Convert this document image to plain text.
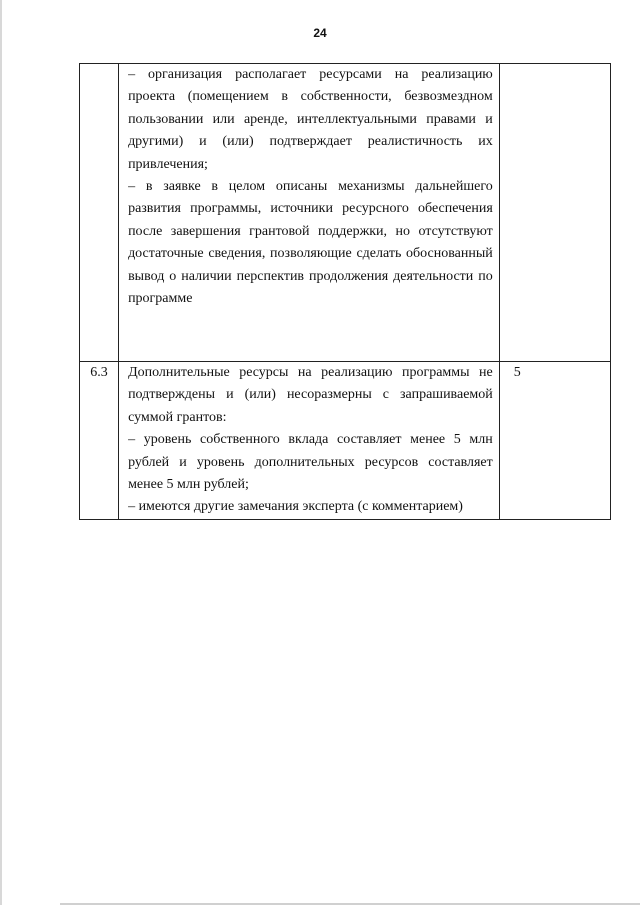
24

	– организация располагает ресурсами на реализацию проекта (помещением в собственности, безвозмездном пользовании или аренде, интеллектуальными правами и другими) и (или) подтверждает реалистичность их привлечения;

– в заявке в целом описаны механизмы дальнейшего развития программы, источники ресурсного обеспечения после завершения грантовой поддержки, но отсутствуют достаточные сведения, позволяющие сделать обоснованный вывод о наличии перспектив продолжения деятельности по программе	

6.3	Дополнительные ресурсы на реализацию программы не подтверждены и (или) несоразмерны с запрашиваемой суммой грантов:

– уровень собственного вклада составляет менее 5 млн рублей и уровень дополнительных ресурсов составляет менее 5 млн рублей;

– имеются другие замечания эксперта (с комментарием)	5
